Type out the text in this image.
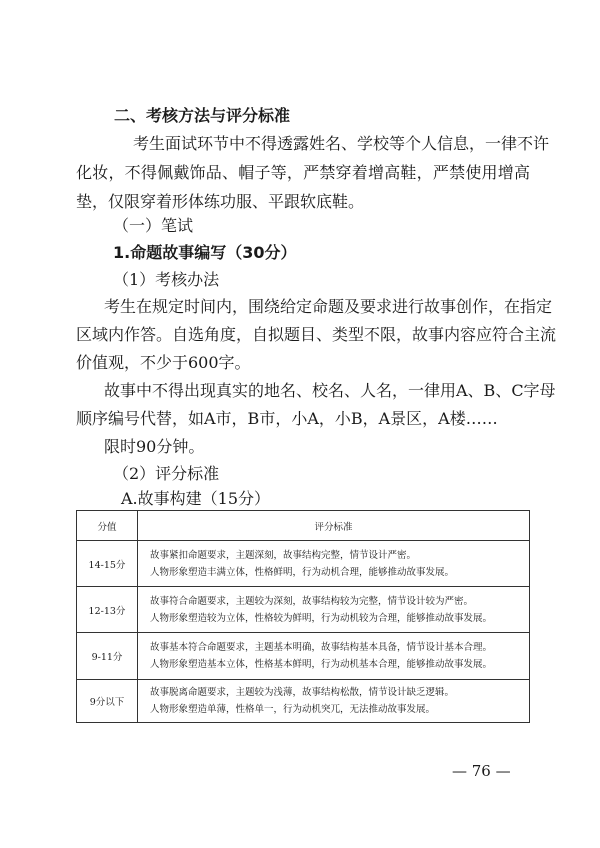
二、考核方法与评分标准
考生面试环节中不得透露姓名、学校等个人信息，一律不许
化妆，不得佩戴饰品、帽子等，严禁穿着增高鞋，严禁使用增高
垫，仅限穿着形体练功服、平跟软底鞋。
（一）笔试
1.命题故事编写（30分）
（1）考核办法
考生在规定时间内，围绕给定命题及要求进行故事创作，在指定
区域内作答。自选角度，自拟题目、类型不限，故事内容应符合主流
价值观，不少于600字。
故事中不得出现真实的地名、校名、人名，一律用A、B、C字母
顺序编号代替，如A市，B市，小A，小B，A景区，A楼……
限时90分钟。
（2）评分标准
A.故事构建（15分）
分值	评分标准
14-15分	故事紧扣命题要求，主题深刻，故事结构完整，情节设计严密。
人物形象塑造丰满立体，性格鲜明，行为动机合理，能够推动故事发展。

12-13分	故事符合命题要求，主题较为深刻，故事结构较为完整，情节设计较为严密。
人物形象塑造较为立体，性格较为鲜明，行为动机较为合理，能够推动故事发展。

9-11分	故事基本符合命题要求，主题基本明确，故事结构基本具备，情节设计基本合理。
人物形象塑造基本立体，性格基本鲜明，行为动机基本合理，能够推动故事发展。

9分以下	故事脱离命题要求，主题较为浅薄，故事结构松散，情节设计缺乏逻辑。
人物形象塑造单薄，性格单一，行为动机突兀，无法推动故事发展。
— 76 —
